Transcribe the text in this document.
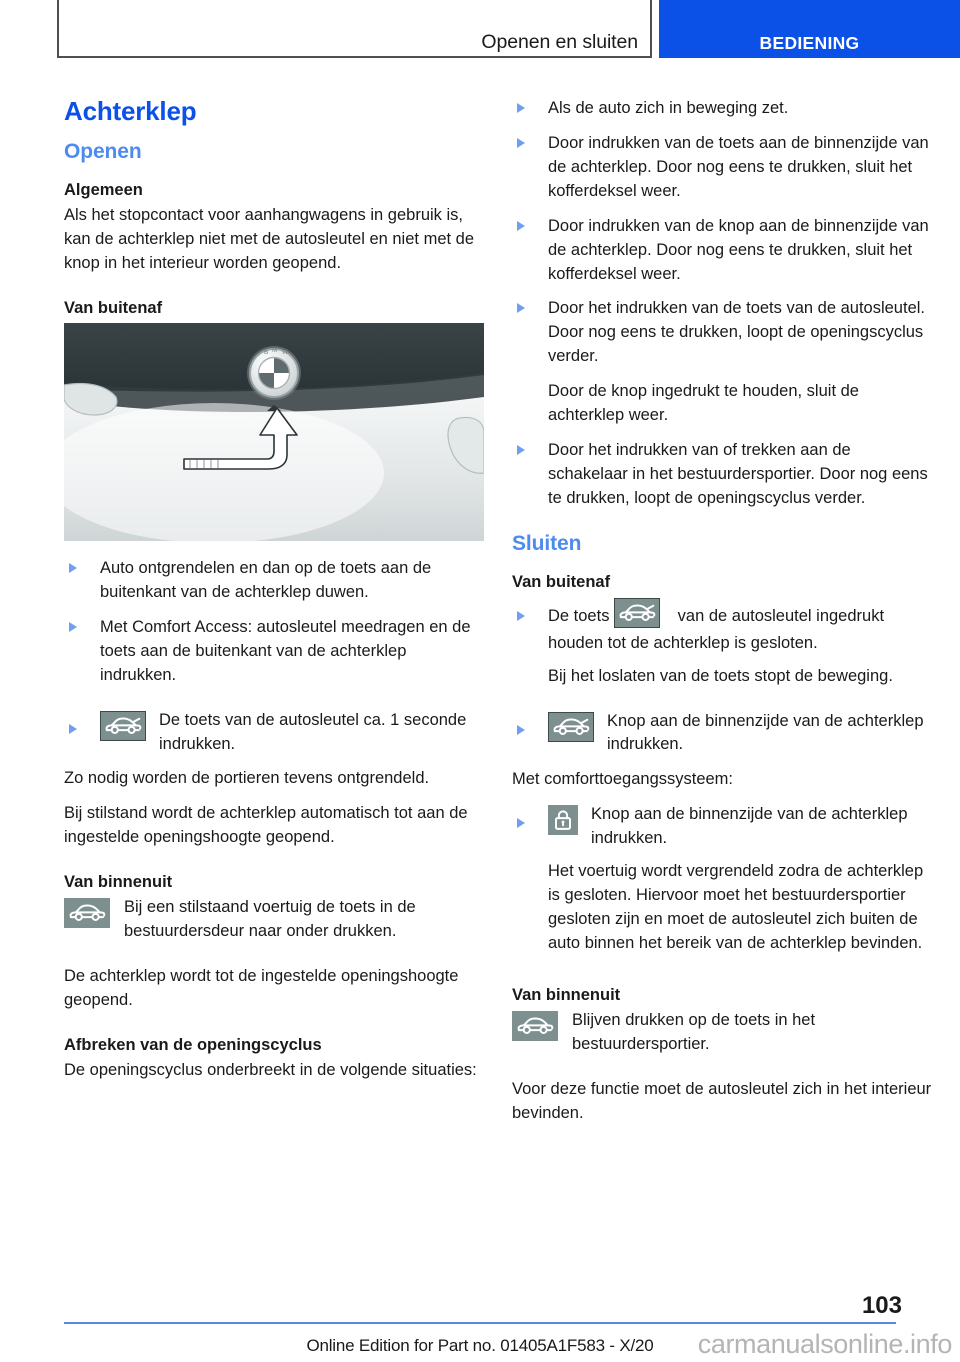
Openen en sluiten	BEDIENING
Achterklep
Openen
Algemeen

Als het stopcontact voor aanhangwagens in gebruik is, kan de achterklep niet met de autosleutel en niet met de knop in het interieur worden geopend.

Van buitenaf
B M W
Auto ontgrendelen en dan op de toets aan de buitenkant van de achterklep duwen.
Met Comfort Access: autosleutel meedragen en de toets aan de buitenkant van de achterklep indrukken.
De toets van de autosleutel ca. 1 seconde indrukken.

Zo nodig worden de portieren tevens ontgrendeld.

Bij stilstand wordt de achterklep automatisch tot aan de ingestelde openingshoogte geopend.

Van binnenuit
Bij een stilstaand voertuig de toets in de bestuurdersdeur naar onder drukken.

De achterklep wordt tot de ingestelde openingshoogte geopend.

Afbreken van de openingscyclus

De openingscyclus onderbreekt in de volgende situaties:

Als de auto zich in beweging zet.
Door indrukken van de toets aan de binnenzijde van de achterklep. Door nog eens te drukken, sluit het kofferdeksel weer.
Door indrukken van de knop aan de binnenzijde van de achterklep. Door nog eens te drukken, sluit het kofferdeksel weer.
Door het indrukken van de toets van de autosleutel. Door nog eens te drukken, loopt de openingscyclus verder.

Door de knop ingedrukt te houden, sluit de achterklep weer.

Door het indrukken van of trekken aan de schakelaar in het bestuurdersportier. Door nog eens te drukken, loopt de openingscyclus verder.
Sluiten
Van buitenaf
De toets	van de autosleutel ingedrukt houden tot de achterklep is gesloten.

Bij het loslaten van de toets stopt de beweging.

Knop aan de binnenzijde van de achterklep indrukken.

Met comforttoegangssysteem:

Knop aan de binnenzijde van de achterklep indrukken.

Het voertuig wordt vergrendeld zodra de achterklep is gesloten. Hiervoor moet het bestuurdersportier gesloten zijn en moet de autosleutel zich buiten de auto binnen het bereik van de achterklep bevinden.

Van binnenuit
Blijven drukken op de toets in het bestuurdersportier.

Voor deze functie moet de autosleutel zich in het interieur bevinden.

103
Online Edition for Part no. 01405A1F583 - X/20	carmanualsonline.info
